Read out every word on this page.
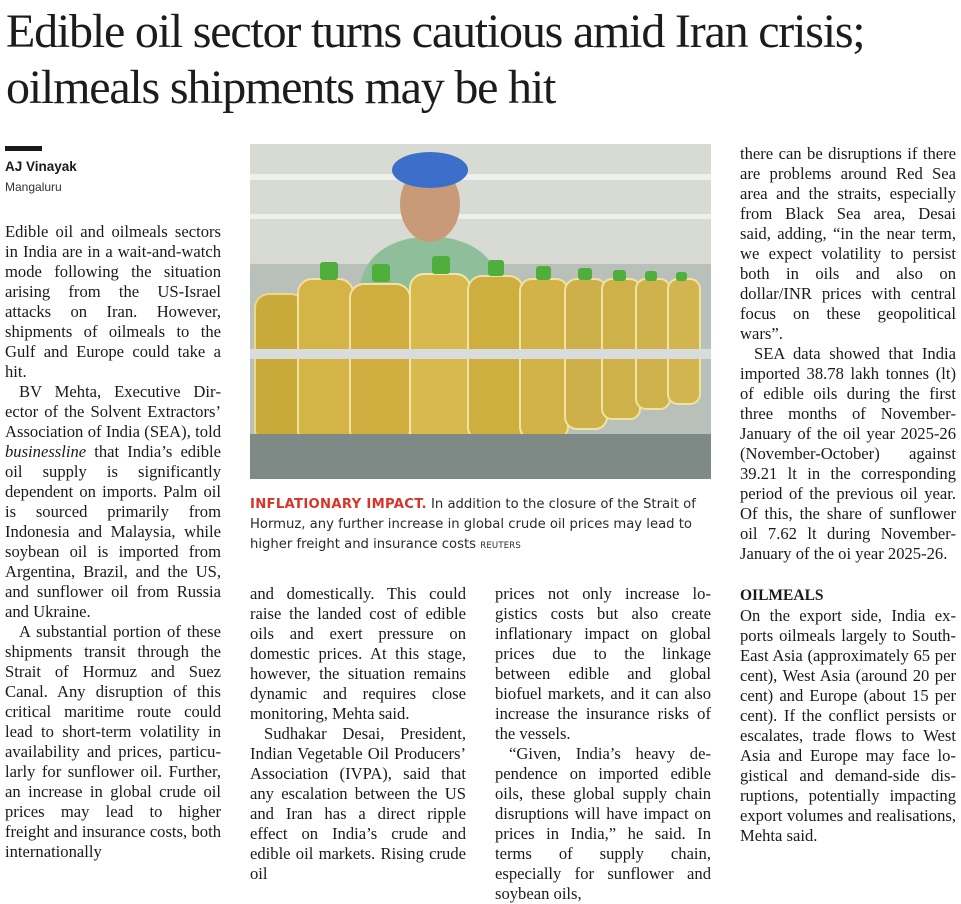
Edible oil sector turns cautious amid Iran crisis; oilmeals shipments may be hit
AJ Vinayak
Mangaluru
INFLATIONARY IMPACT. In addition to the closure of the Strait of Hormuz, any further increase in global crude oil prices may lead to higher freight and insurance costs REUTERS

Edible oil and oilmeals sectors in India are in a wait-and-watch mode following the situation arising from the US-Israel attacks on Iran. However, shipments of oilmeals to the Gulf and Europe could take a hit.

BV Mehta, Executive Director of the Solvent Extractors’ Association of India (SEA), told businessline that India’s edible oil supply is significantly dependent on imports. Palm oil is sourced primarily from Indonesia and Malaysia, while soybean oil is imported from Argentina, Brazil, and the US, and sunflower oil from Russia and Ukraine.

A substantial portion of these shipments transit through the Strait of Hormuz and Suez Canal. Any disruption of this critical maritime route could lead to short-term volatility in availability and prices, particularly for sunflower oil. Further, an increase in global crude oil prices may lead to higher freight and insurance costs, both internationally

and domestically. This could raise the landed cost of edible oils and exert pressure on domestic prices. At this stage, however, the situation remains dynamic and requires close monitoring, Mehta said.

Sudhakar Desai, President, Indian Vegetable Oil Producers’ Association (IVPA), said that any escalation between the US and Iran has a direct ripple effect on India’s crude and edible oil markets. Rising crude oil

prices not only increase logistics costs but also create inflationary impact on global prices due to the linkage between edible and global biofuel markets, and it can also increase the insurance risks of the vessels.

“Given, India’s heavy dependence on imported edible oils, these global supply chain disruptions will have impact on prices in India,” he said. In terms of supply chain, especially for sunflower and soybean oils,

there can be disruptions if there are problems around Red Sea area and the straits, especially from Black Sea area, Desai said, adding, “in the near term, we expect volatility to persist both in oils and also on dollar/INR prices with central focus on these geopolitical wars”.

SEA data showed that India imported 38.78 lakh tonnes (lt) of edible oils during the first three months of November-January of the oil year 2025-26 (November-October) against 39.21 lt in the corresponding period of the previous oil year. Of this, the share of sunflower oil 7.62 lt during November-January of the oi year 2025-26.

OILMEALS

On the export side, India exports oilmeals largely to South-East Asia (approximately 65 per cent), West Asia (around 20 per cent) and Europe (about 15 per cent). If the conflict persists or escalates, trade flows to West Asia and Europe may face logistical and demand-side disruptions, potentially impacting export volumes and realisations, Mehta said.
